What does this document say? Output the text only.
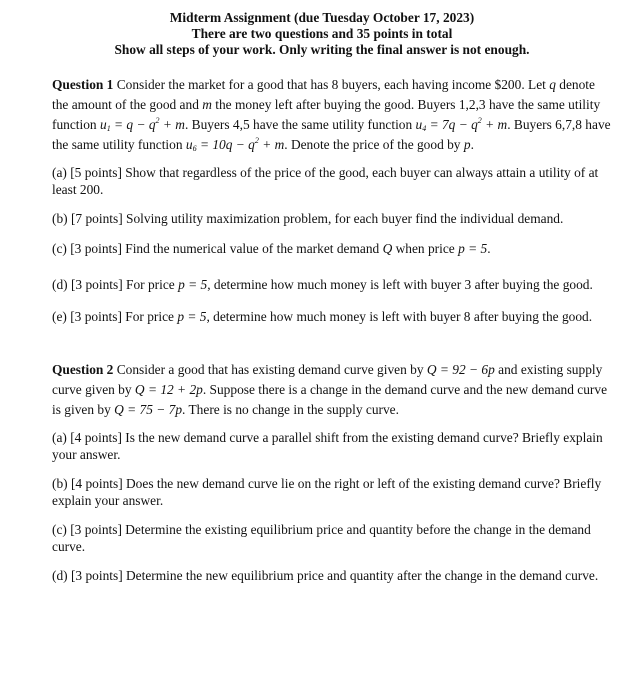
Midterm Assignment (due Tuesday October 17, 2023)
There are two questions and 35 points in total
Show all steps of your work. Only writing the final answer is not enough.

Question 1 Consider the market for a good that has 8 buyers, each having income $200. Let q denote the amount of the good and m the money left after buying the good. Buyers 1,2,3 have the same utility function $u_1 = q - q^2 + m$. Buyers 4,5 have the same utility function $u_4 = 7q - q^2 + m$. Buyers 6,7,8 have the same utility function $u_6 = 10q - q^2 + m$. Denote the price of the good by p.

(a) [5 points] Show that regardless of the price of the good, each buyer can always attain a utility of at least 200.

(b) [7 points] Solving utility maximization problem, for each buyer find the individual demand.

(c) [3 points] Find the numerical value of the market demand Q when price p = 5.

(d) [3 points] For price p = 5, determine how much money is left with buyer 3 after buying the good.

(e) [3 points] For price p = 5, determine how much money is left with buyer 8 after buying the good.

Question 2 Consider a good that has existing demand curve given by Q = 92 − 6p and existing supply curve given by Q = 12 + 2p. Suppose there is a change in the demand curve and the new demand curve is given by Q = 75 − 7p. There is no change in the supply curve.

(a) [4 points] Is the new demand curve a parallel shift from the existing demand curve? Briefly explain your answer.

(b) [4 points] Does the new demand curve lie on the right or left of the existing demand curve? Briefly explain your answer.

(c) [3 points] Determine the existing equilibrium price and quantity before the change in the demand curve.

(d) [3 points] Determine the new equilibrium price and quantity after the change in the demand curve.
